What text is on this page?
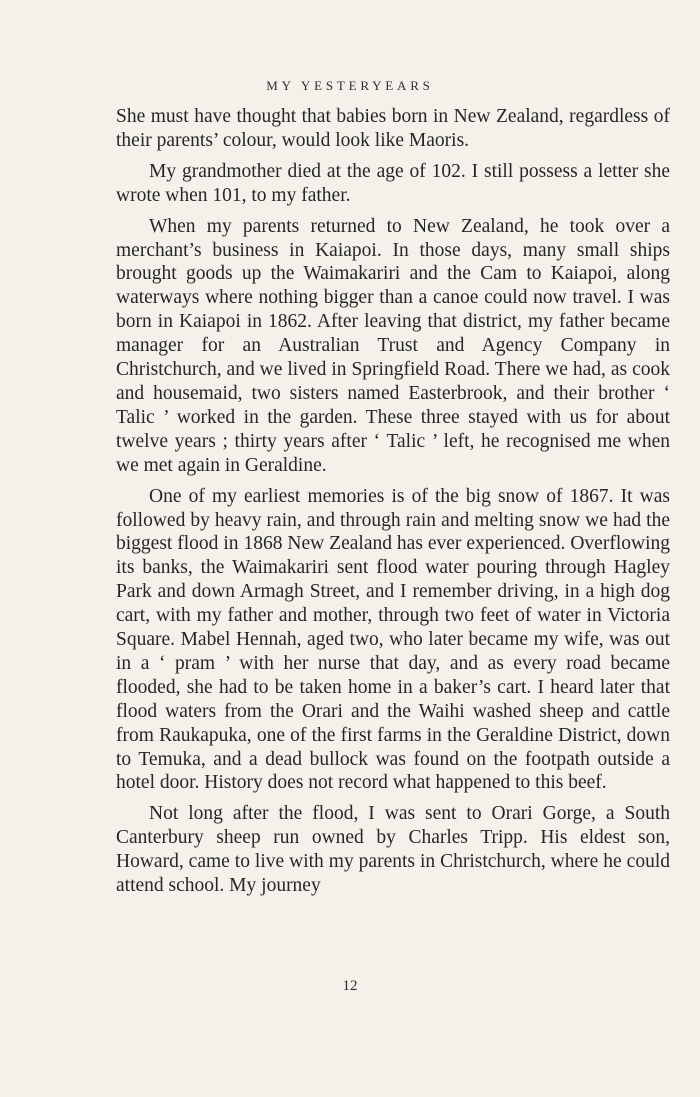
MY YESTERYEARS

She must have thought that babies born in New Zealand, regardless of their parents’ colour, would look like Maoris.

My grandmother died at the age of 102. I still possess a letter she wrote when 101, to my father.

When my parents returned to New Zealand, he took over a merchant’s business in Kaiapoi. In those days, many small ships brought goods up the Waimakariri and the Cam to Kaiapoi, along waterways where nothing bigger than a canoe could now travel. I was born in Kaiapoi in 1862. After leaving that district, my father became manager for an Australian Trust and Agency Company in Christchurch, and we lived in Springfield Road. There we had, as cook and housemaid, two sisters named Easterbrook, and their brother ‘ Talic ’ worked in the garden. These three stayed with us for about twelve years ; thirty years after ‘ Talic ’ left, he recognised me when we met again in Geraldine.

One of my earliest memories is of the big snow of 1867. It was followed by heavy rain, and through rain and melting snow we had the biggest flood in 1868 New Zealand has ever experienced. Overflowing its banks, the Waimakariri sent flood water pouring through Hagley Park and down Armagh Street, and I remember driving, in a high dog cart, with my father and mother, through two feet of water in Victoria Square. Mabel Hennah, aged two, who later became my wife, was out in a ‘ pram ’ with her nurse that day, and as every road became flooded, she had to be taken home in a baker’s cart. I heard later that flood waters from the Orari and the Waihi washed sheep and cattle from Raukapuka, one of the first farms in the Geraldine District, down to Temuka, and a dead bullock was found on the footpath outside a hotel door. History does not record what happened to this beef.

Not long after the flood, I was sent to Orari Gorge, a South Canterbury sheep run owned by Charles Tripp. His eldest son, Howard, came to live with my parents in Christchurch, where he could attend school. My journey

12
